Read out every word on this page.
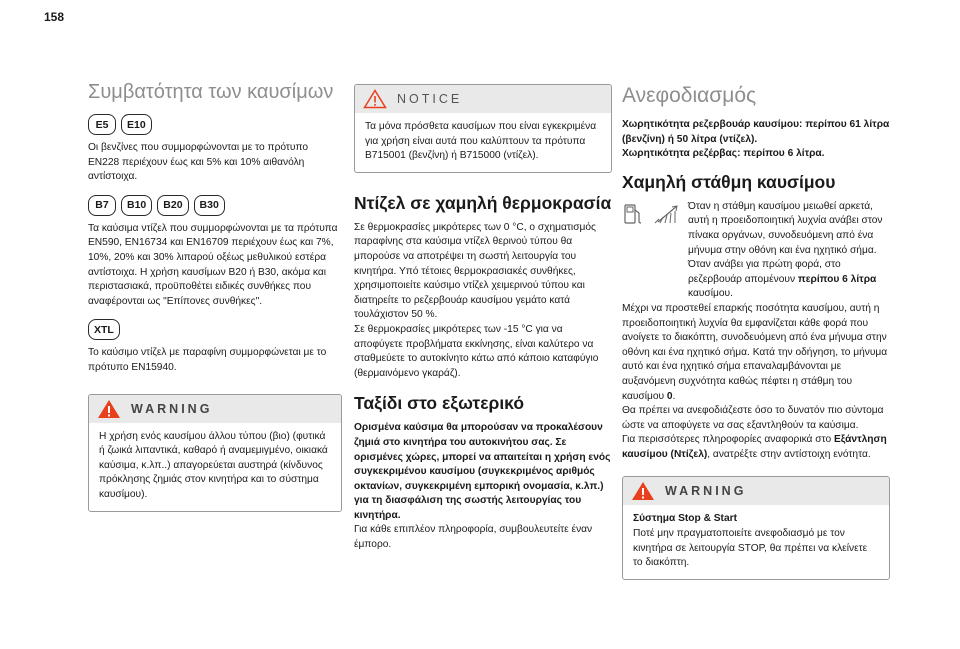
158
Συμβατότητα των καυσίμων
E5	E10

Οι βενζίνες που συμμορφώνονται με το πρότυπο EN228 περιέχουν έως και 5% και 10% αιθανόλη αντίστοιχα.

B7	B10	B20	B30

Τα καύσιμα ντίζελ που συμμορφώνονται με τα πρότυπα EN590, EN16734 και EN16709 περιέχουν έως και 7%, 10%, 20% και 30% λιπαρού οξέως μεθυλικού εστέρα αντίστοιχα. Η χρήση καυσίμων B20 ή B30, ακόμα και περιστασιακά, προϋποθέτει ειδικές συνθήκες που αναφέρονται ως "Επίπονες συνθήκες".

XTL

Το καύσιμο ντίζελ με παραφίνη συμμορφώνεται με το πρότυπο EN15940.

WARNING

Η χρήση ενός καυσίμου άλλου τύπου (βιο) (φυτικά ή ζωικά λιπαντικά, καθαρό ή αναμεμιγμένο, οικιακά καύσιμα, κ.λπ..) απαγορεύεται αυστηρά (κίνδυνος πρόκλησης ζημιάς στον κινητήρα και το σύστημα καυσίμου).

NOTICE

Τα μόνα πρόσθετα καυσίμων που είναι εγκεκριμένα για χρήση είναι αυτά που καλύπτουν τα πρότυπα B715001 (βενζίνη) ή B715000 (ντίζελ).

Ντίζελ σε χαμηλή θερμοκρασία

Σε θερμοκρασίες μικρότερες των 0 °C, ο σχηματισμός παραφίνης στα καύσιμα ντίζελ θερινού τύπου θα μπορούσε να αποτρέψει τη σωστή λειτουργία του κινητήρα. Υπό τέτοιες θερμοκρασιακές συνθήκες, χρησιμοποιείτε καύσιμο ντίζελ χειμερινού τύπου και διατηρείτε το ρεζερβουάρ καυσίμου γεμάτο κατά τουλάχιστον 50 %.

Σε θερμοκρασίες μικρότερες των -15 °C για να αποφύγετε προβλήματα εκκίνησης, είναι καλύτερο να σταθμεύετε το αυτοκίνητο κάτω από κάποιο καταφύγιο (θερμαινόμενο γκαράζ).

Ταξίδι στο εξωτερικό

Ορισμένα καύσιμα θα μπορούσαν να προκαλέσουν ζημιά στο κινητήρα του αυτοκινήτου σας. Σε ορισμένες χώρες, μπορεί να απαιτείται η χρήση ενός συγκεκριμένου καυσίμου (συγκεκριμένος αριθμός οκτανίων, συγκεκριμένη εμπορική ονομασία, κ.λπ.) για τη διασφάλιση της σωστής λειτουργίας του κινητήρα.

Για κάθε επιπλέον πληροφορία, συμβουλευτείτε έναν έμπορο.

Ανεφοδιασμός

Χωρητικότητα ρεζερβουάρ καυσίμου: περίπου 61 λίτρα (βενζίνη) ή 50 λίτρα (ντίζελ).

Χωρητικότητα ρεζέρβας: περίπου 6 λίτρα.

Χαμηλή στάθμη καυσίμου

Όταν η στάθμη καυσίμου μειωθεί αρκετά, αυτή η προειδοποιητική λυχνία ανάβει στον πίνακα οργάνων, συνοδευόμενη από ένα μήνυμα στην οθόνη και ένα ηχητικό σήμα. Όταν ανάβει για πρώτη φορά, στο ρεζερβουάρ απομένουν περίπου 6 λίτρα καυσίμου.

Μέχρι να προστεθεί επαρκής ποσότητα καυσίμου, αυτή η προειδοποιητική λυχνία θα εμφανίζεται κάθε φορά που ανοίγετε το διακόπτη, συνοδευόμενη από ένα μήνυμα στην οθόνη και ένα ηχητικό σήμα. Κατά την οδήγηση, το μήνυμα αυτό και ένα ηχητικό σήμα επαναλαμβάνονται με αυξανόμενη συχνότητα καθώς πέφτει η στάθμη του καυσίμου 0.

Θα πρέπει να ανεφοδιάζεστε όσο το δυνατόν πιο σύντομα ώστε να αποφύγετε να σας εξαντληθούν τα καύσιμα.

Για περισσότερες πληροφορίες αναφορικά στο Εξάντληση καυσίμου (Ντίζελ), ανατρέξτε στην αντίστοιχη ενότητα.

WARNING

Σύστημα Stop & Start

Ποτέ μην πραγματοποιείτε ανεφοδιασμό με τον κινητήρα σε λειτουργία STOP, θα πρέπει να κλείνετε το διακόπτη.
